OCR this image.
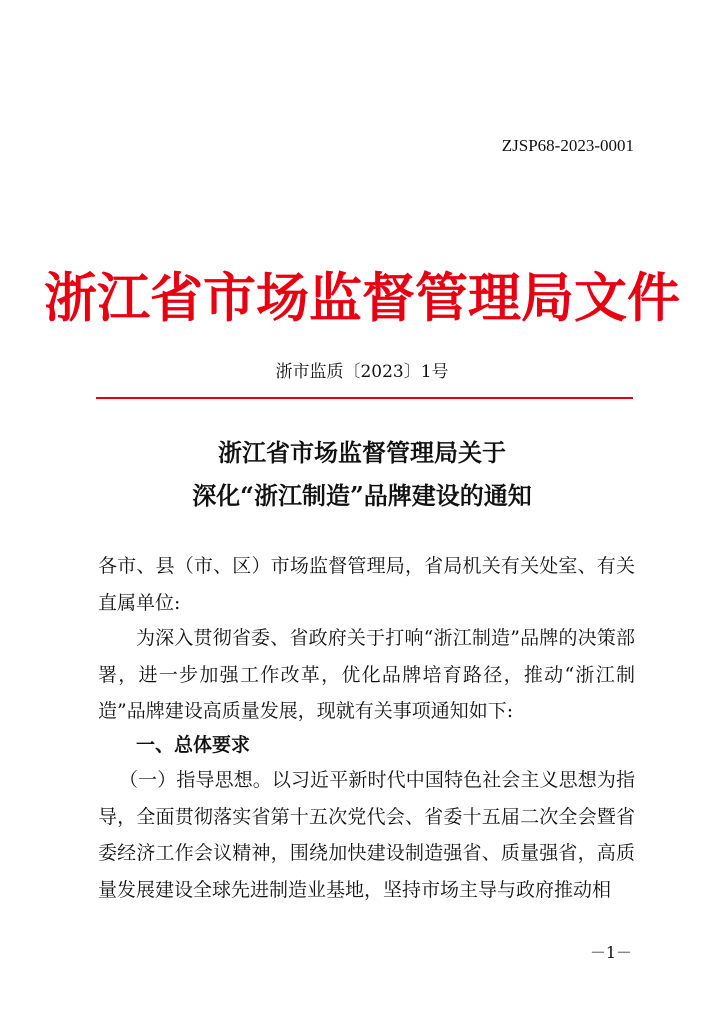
ZJSP68-2023-0001
浙江省市场监督管理局文件
浙市监质〔2023〕1号
浙江省市场监督管理局关于
深化“浙江制造”品牌建设的通知
各市、县（市、区）市场监督管理局，省局机关有关处室、有关直属单位:
为深入贯彻省委、省政府关于打响“浙江制造”品牌的决策部署，进一步加强工作改革，优化品牌培育路径，推动“浙江制造”品牌建设高质量发展，现就有关事项通知如下:
一、总体要求
（一）指导思想。以习近平新时代中国特色社会主义思想为指导，全面贯彻落实省第十五次党代会、省委十五届二次全会暨省委经济工作会议精神，围绕加快建设制造强省、质量强省，高质量发展建设全球先进制造业基地，坚持市场主导与政府推动相
－1－
